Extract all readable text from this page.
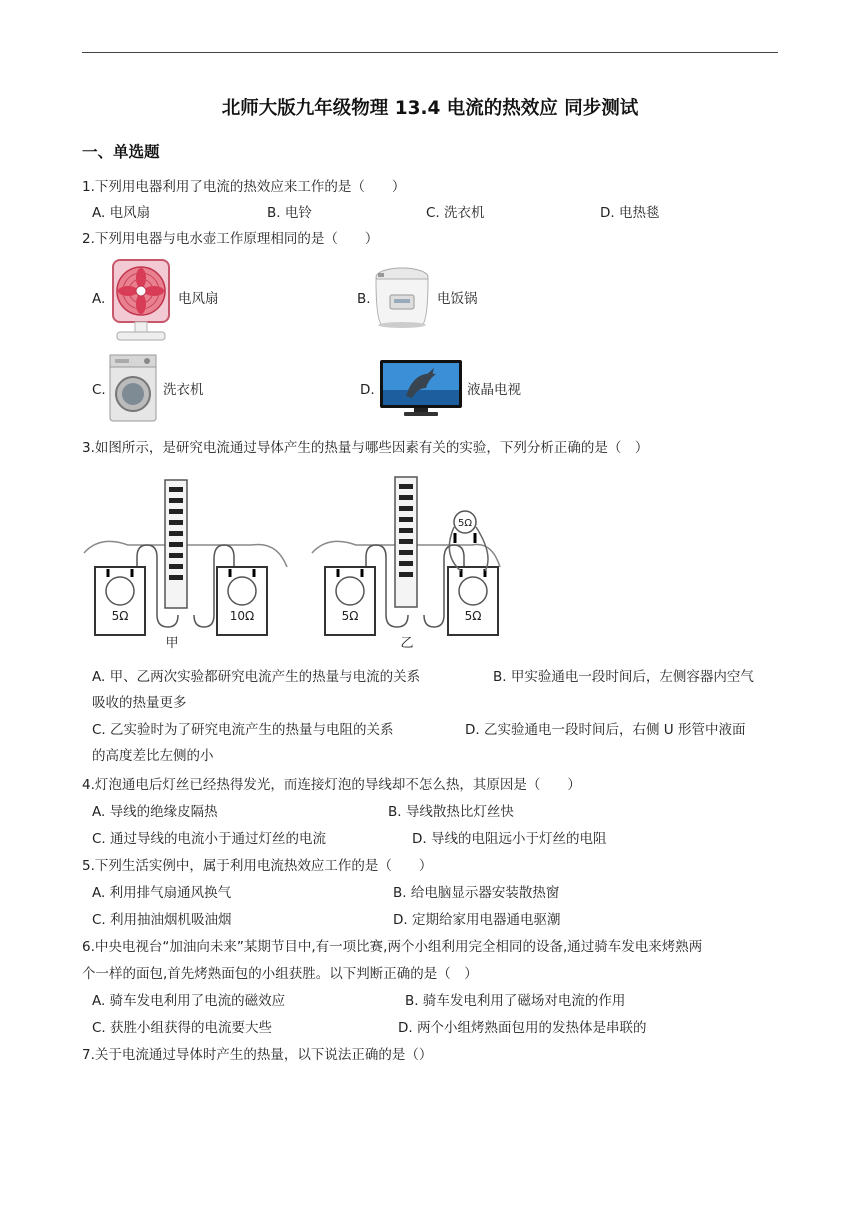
北师大版九年级物理 13.4 电流的热效应 同步测试
一、单选题
1.下列用电器利用了电流的热效应来工作的是（　　）
A. 电风扇	B. 电铃	C. 洗衣机	D. 电热毯
2.下列用电器与电水壶工作原理相同的是（　　）
A.	电风扇	B.	电饭锅
C.	洗衣机	D.	液晶电视
3.如图所示，是研究电流通过导体产生的热量与哪些因素有关的实验，下列分析正确的是（　）
5Ω	10Ω
甲
5Ω
5Ω	5Ω
乙
A. 甲、乙两次实验都研究电流产生的热量与电流的关系	B. 甲实验通电一段时间后，左侧容器内空气
吸收的热量更多
C. 乙实验时为了研究电流产生的热量与电阻的关系	D. 乙实验通电一段时间后，右侧 U 形管中液面
的高度差比左侧的小
4.灯泡通电后灯丝已经热得发光，而连接灯泡的导线却不怎么热，其原因是（　　）
A. 导线的绝缘皮隔热	B. 导线散热比灯丝快
C. 通过导线的电流小于通过灯丝的电流	D. 导线的电阻远小于灯丝的电阻
5.下列生活实例中，属于利用电流热效应工作的是（　　）
A. 利用排气扇通风换气	B. 给电脑显示器安装散热窗
C. 利用抽油烟机吸油烟	D. 定期给家用电器通电驱潮
6.中央电视台“加油向未来”某期节目中,有一项比赛,两个小组利用完全相同的设备,通过骑车发电来烤熟两
个一样的面包,首先烤熟面包的小组获胜。以下判断正确的是（　）
A. 骑车发电利用了电流的磁效应	B. 骑车发电利用了磁场对电流的作用
C. 获胜小组获得的电流要大些	D. 两个小组烤熟面包用的发热体是串联的
7.关于电流通过导体时产生的热量，以下说法正确的是（）
